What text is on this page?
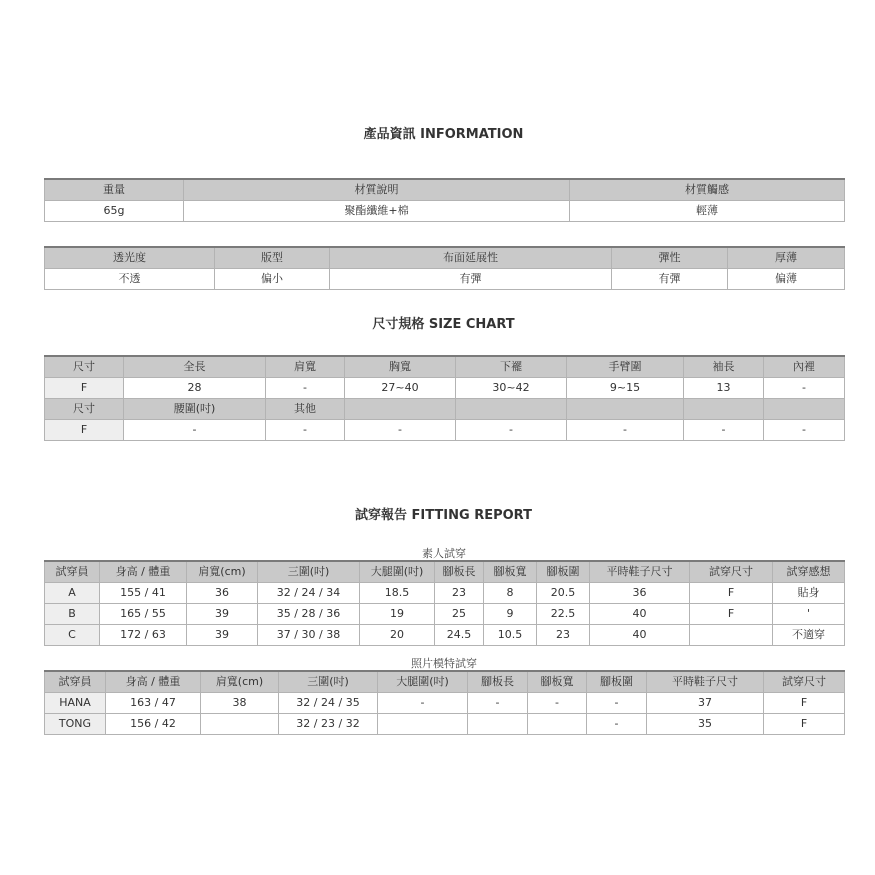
產品資訊 INFORMATION
重量	材質說明	材質觸感
65g	聚酯纖維+棉	輕薄
透光度	版型	布面延展性	彈性	厚薄
不透	偏小	有彈	有彈	偏薄
尺寸規格 SIZE CHART
尺寸	全長	肩寬	胸寬	下襬	手臂圍	袖長	內裡
F	28	-	27~40	30~42	9~15	13	-
尺寸	腰圍(吋)	其他					
F	-	-	-	-	-	-	-
試穿報告 FITTING REPORT

素人試穿

試穿員	身高 / 體重	肩寬(cm)	三圍(吋)	大腿圍(吋)	腳板長	腳板寬	腳板圍	平時鞋子尺寸	試穿尺寸	試穿感想
A	155 / 41	36	32 / 24 / 34	18.5	23	8	20.5	36	F	貼身
B	165 / 55	39	35 / 28 / 36	19	25	9	22.5	40	F	'
C	172 / 63	39	37 / 30 / 38	20	24.5	10.5	23	40		不適穿

照片模特試穿

試穿員	身高 / 體重	肩寬(cm)	三圍(吋)	大腿圍(吋)	腳板長	腳板寬	腳板圍	平時鞋子尺寸	試穿尺寸
HANA	163 / 47	38	32 / 24 / 35	-	-	-	-	37	F
TONG	156 / 42		32 / 23 / 32				-	35	F
